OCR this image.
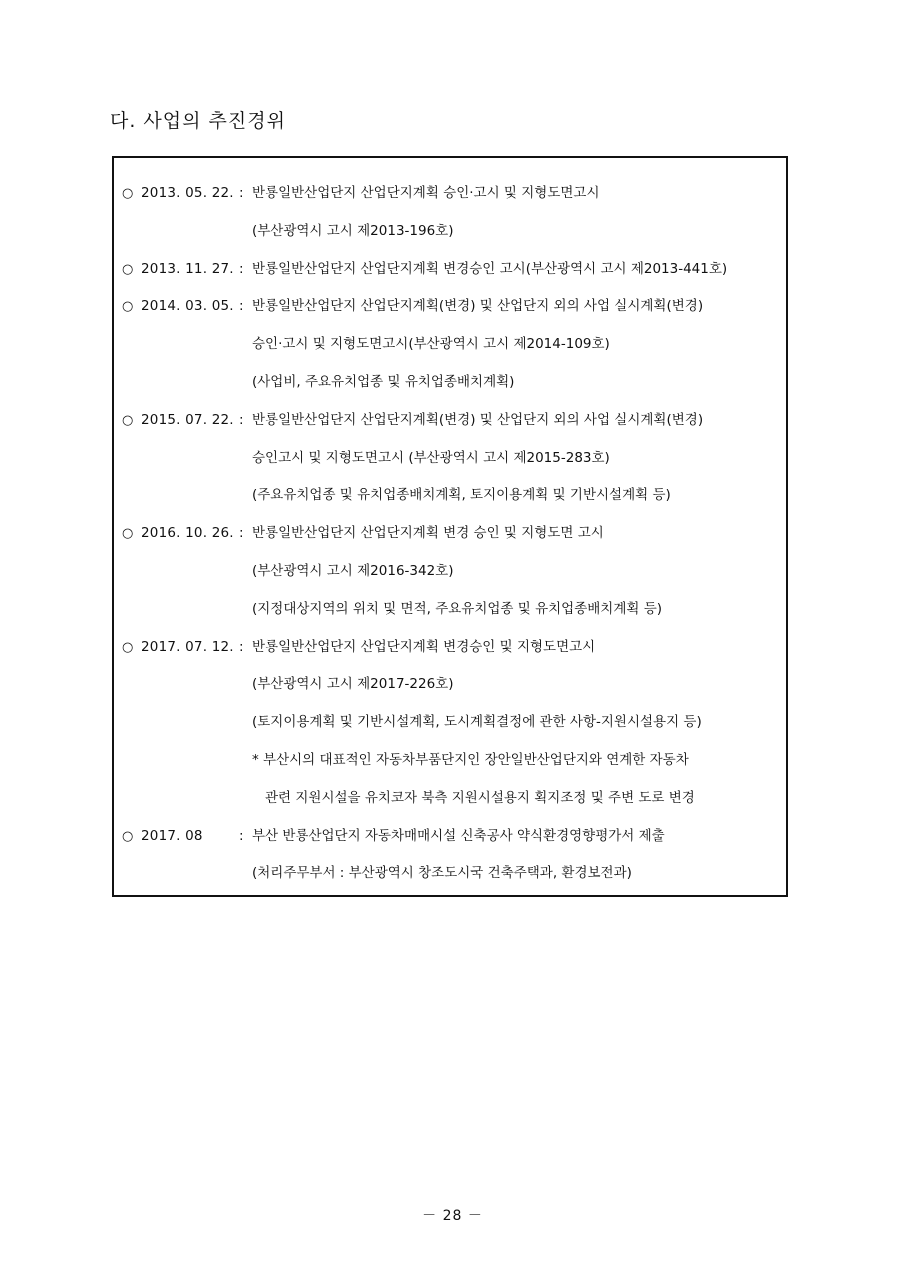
다. 사업의 추진경위
○ 2013. 05. 22. : 반룡일반산업단지 산업단지계획 승인·고시 및 지형도면고시
(부산광역시 고시 제2013-196호)
○ 2013. 11. 27. : 반룡일반산업단지 산업단지계획 변경승인 고시(부산광역시 고시 제2013-441호)
○ 2014. 03. 05. : 반룡일반산업단지 산업단지계획(변경) 및 산업단지 외의 사업 실시계획(변경)
승인·고시 및 지형도면고시(부산광역시 고시 제2014-109호)
(사업비, 주요유치업종 및 유치업종배치계획)
○ 2015. 07. 22. : 반룡일반산업단지 산업단지계획(변경) 및 산업단지 외의 사업 실시계획(변경)
승인고시 및 지형도면고시 (부산광역시 고시 제2015-283호)
(주요유치업종 및 유치업종배치계획, 토지이용계획 및 기반시설계획 등)
○ 2016. 10. 26. : 반룡일반산업단지 산업단지계획 변경 승인 및 지형도면 고시
(부산광역시 고시 제2016-342호)
(지정대상지역의 위치 및 면적, 주요유치업종 및 유치업종배치계획 등)
○ 2017. 07. 12. : 반룡일반산업단지 산업단지계획 변경승인 및 지형도면고시
(부산광역시 고시 제2017-226호)
(토지이용계획 및 기반시설계획, 도시계획결정에 관한 사항-지원시설용지 등)
* 부산시의 대표적인 자동차부품단지인 장안일반산업단지와 연계한 자동차
관련 지원시설을 유치코자 북측 지원시설용지 획지조정 및 주변 도로 변경
○ 2017. 08	: 부산 반룡산업단지 자동차매매시설 신축공사 약식환경영향평가서 제출
(처리주무부서 : 부산광역시 창조도시국 건축주택과, 환경보전과)
－ 28 －
